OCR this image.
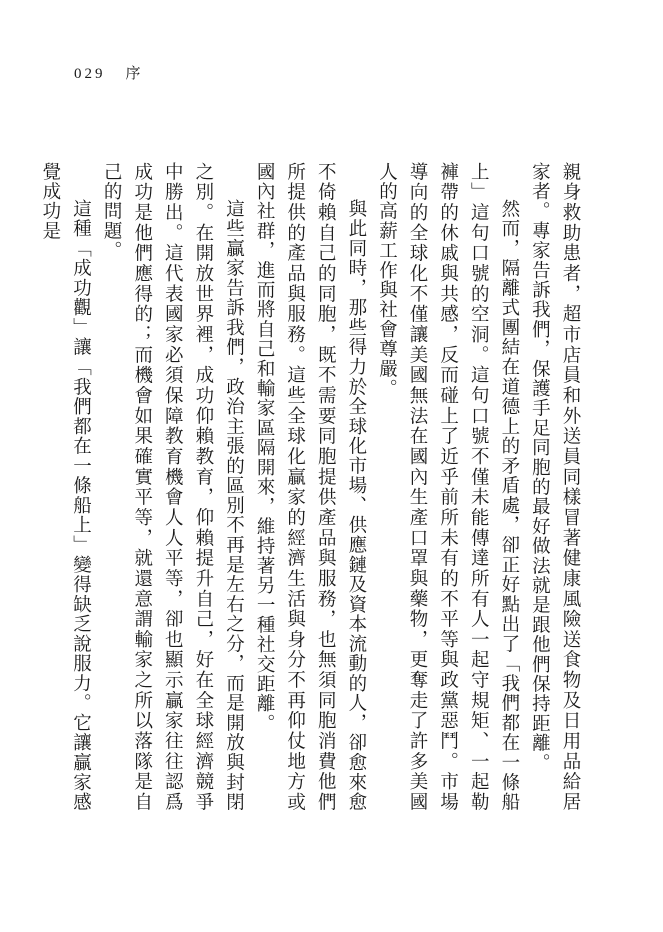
029 序

親身救助患者，超市店員和外送員同樣冒著健康風險送食物及日用品給居家者。專家告訴我們，保護手足同胞的最好做法就是跟他們保持距離。

然而，隔離式團結在道德上的矛盾處，卻正好點出了「我們都在一條船上」這句口號的空洞。這句口號不僅未能傳達所有人一起守規矩、一起勒褲帶的休戚與共感，反而碰上了近乎前所未有的不平等與政黨惡鬥。市場導向的全球化不僅讓美國無法在國內生產口罩與藥物，更奪走了許多美國人的高薪工作與社會尊嚴。

與此同時，那些得力於全球化市場、供應鏈及資本流動的人，卻愈來愈不倚賴自己的同胞，既不需要同胞提供產品與服務，也無須同胞消費他們所提供的產品與服務。這些全球化贏家的經濟生活與身分不再仰仗地方或國內社群，進而將自己和輸家區隔開來，維持著另一種社交距離。

這些贏家告訴我們，政治主張的區別不再是左右之分，而是開放與封閉之別。在開放世界裡，成功仰賴教育，仰賴提升自己，好在全球經濟競爭中勝出。這代表國家必須保障教育機會人人平等，卻也顯示贏家往往認爲成功是他們應得的；而機會如果確實平等，就還意謂輸家之所以落隊是自己的問題。

這種「成功觀」讓「我們都在一條船上」變得缺乏說服力。它讓贏家感覺成功是
